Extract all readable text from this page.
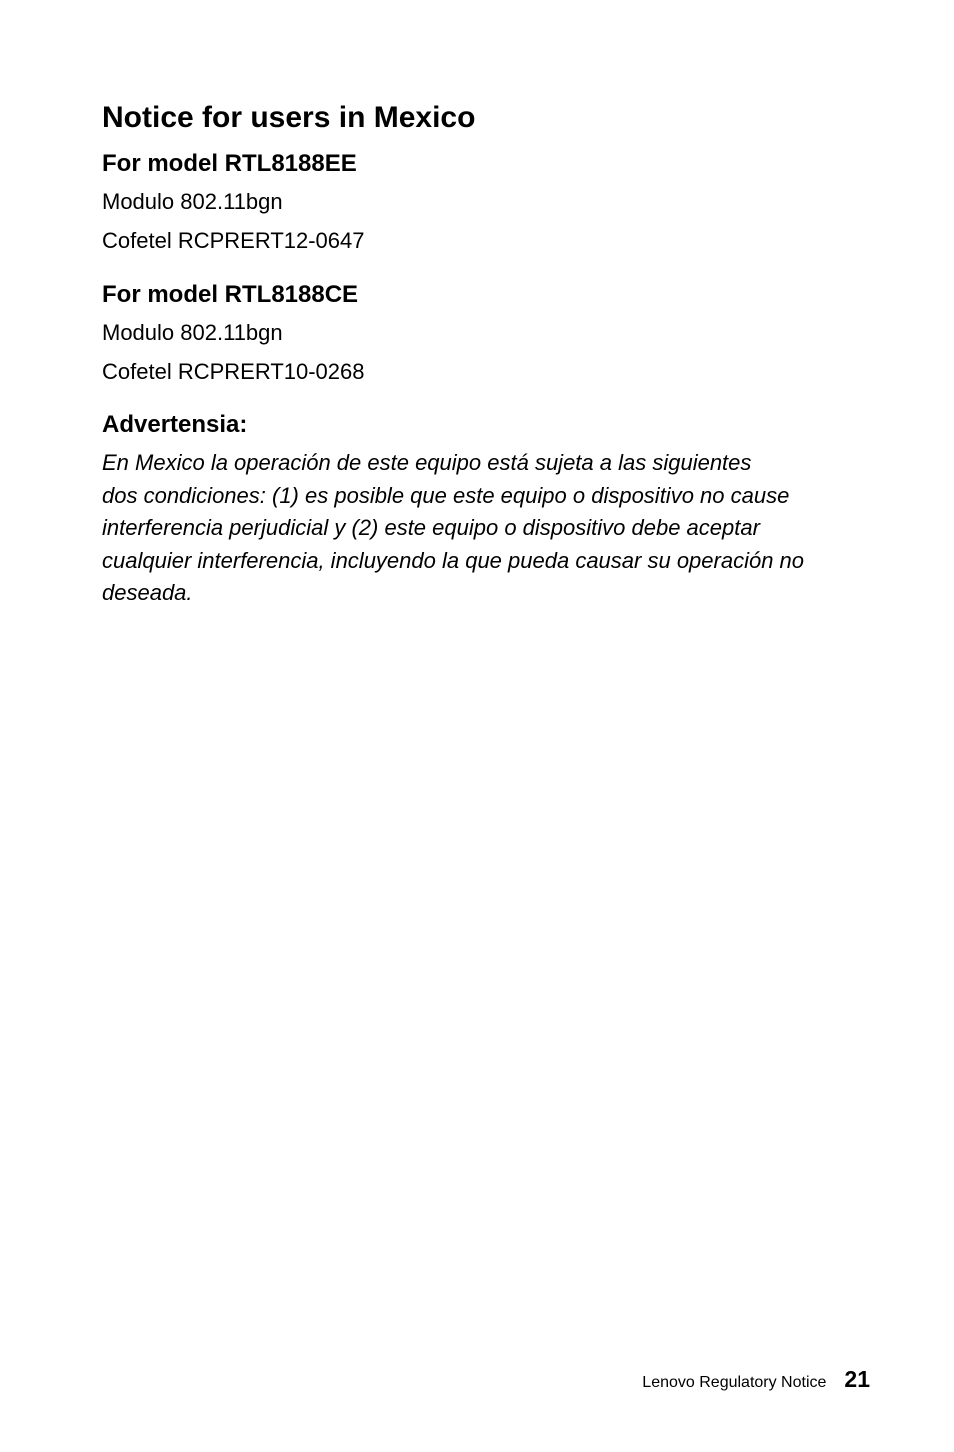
Notice for users in Mexico
For model RTL8188EE

Modulo 802.11bgn

Cofetel RCPRERT12-0647

For model RTL8188CE

Modulo 802.11bgn

Cofetel RCPRERT10-0268

Advertensia:

En Mexico la operación de este equipo está sujeta a las siguientes
dos condiciones: (1) es posible que este equipo o dispositivo no cause
interferencia perjudicial y (2) este equipo o dispositivo debe aceptar
cualquier interferencia, incluyendo la que pueda causar su operación no
deseada.

Lenovo Regulatory Notice 21
